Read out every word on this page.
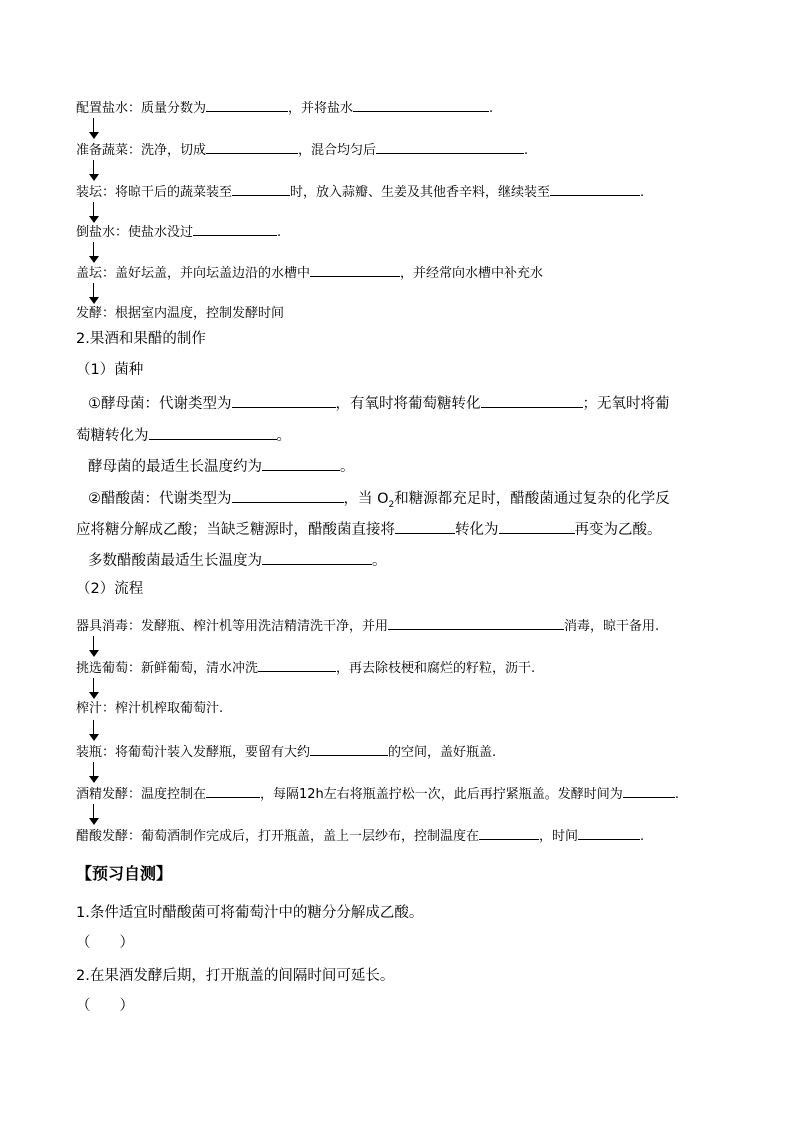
配置盐水：质量分数为	，并将盐水	.
准备蔬菜：洗净，切成	，混合均匀后	.
装坛：将晾干后的蔬菜装至	时，放入蒜瓣、生姜及其他香辛料，继续装至	.
倒盐水：使盐水没过	.
盖坛：盖好坛盖，并向坛盖边沿的水槽中	，并经常向水槽中补充水
发酵：根据室内温度，控制发酵时间
2.果酒和果醋的制作
（1）菌种
①酵母菌：代谢类型为	，有氧时将葡萄糖转化	；无氧时将葡
萄糖转化为	。
酵母菌的最适生长温度约为	。
②醋酸菌：代谢类型为	，当 $O_2$和糖源都充足时，醋酸菌通过复杂的化学反
应将糖分解成乙酸；当缺乏糖源时，醋酸菌直接将	转化为	再变为乙酸。
多数醋酸菌最适生长温度为	。
（2）流程
器具消毒：发酵瓶、榨汁机等用洗洁精清洗干净，并用	消毒，晾干备用.
挑选葡萄：新鲜葡萄，清水冲洗	，再去除枝梗和腐烂的籽粒，沥干.
榨汁：榨汁机榨取葡萄汁.
装瓶：将葡萄汁装入发酵瓶，要留有大约	的空间，盖好瓶盖.
酒精发酵：温度控制在	，每隔12h左右将瓶盖拧松一次，此后再拧紧瓶盖。发酵时间为	.
醋酸发酵：葡萄酒制作完成后，打开瓶盖，盖上一层纱布，控制温度在	，时间	.
【预习自测】
1.条件适宜时醋酸菌可将葡萄汁中的糖分分解成乙酸。
（　　）
2.在果酒发酵后期，打开瓶盖的间隔时间可延长。
（　　）
